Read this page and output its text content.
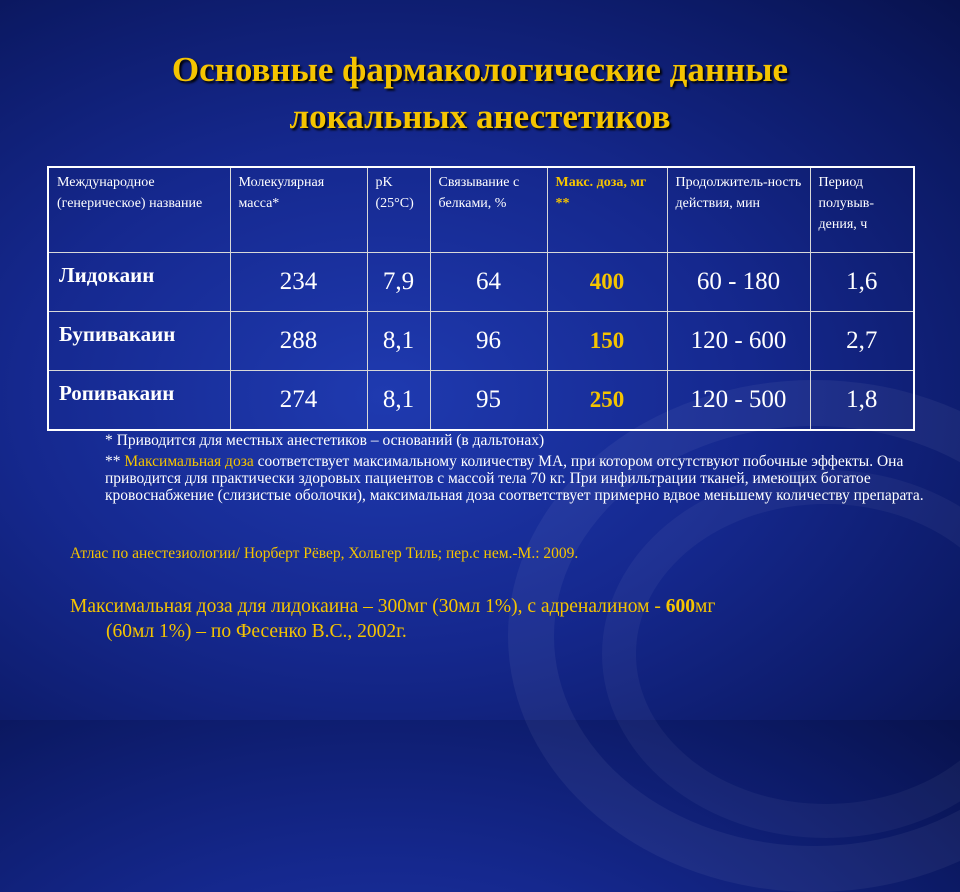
Основные фармакологические данные
локальных анестетиков
Международное (генерическое) название	Молекулярная масса*	pK (25°C)	Связывание с белками, %	Макс. доза, мг **	Продолжитель-ность действия, мин	Период полувыв-дения, ч
Лидокаин	234	7,9	64	400	60 - 180	1,6
Бупивакаин	288	8,1	96	150	120 - 600	2,7
Ропивакаин	274	8,1	95	250	120 - 500	1,8

* Приводится для местных анестетиков – оснований (в дальтонах)

** Максимальная доза соответствует максимальному количеству МА, при котором отсутствуют побочные эффекты. Она приводится для практически здоровых пациентов с массой тела 70 кг. При инфильтрации тканей, имеющих богатое кровоснабжение (слизистые оболочки), максимальная доза соответствует примерно вдвое меньшему количеству препарата.

Атлас по анестезиологии/ Норберт Рёвер, Хольгер Тиль; пер.с нем.-М.: 2009.
Максимальная доза для лидокаина – 300мг (30мл 1%), с адреналином - 600мг
(60мл 1%) – по Фесенко В.С., 2002г.
